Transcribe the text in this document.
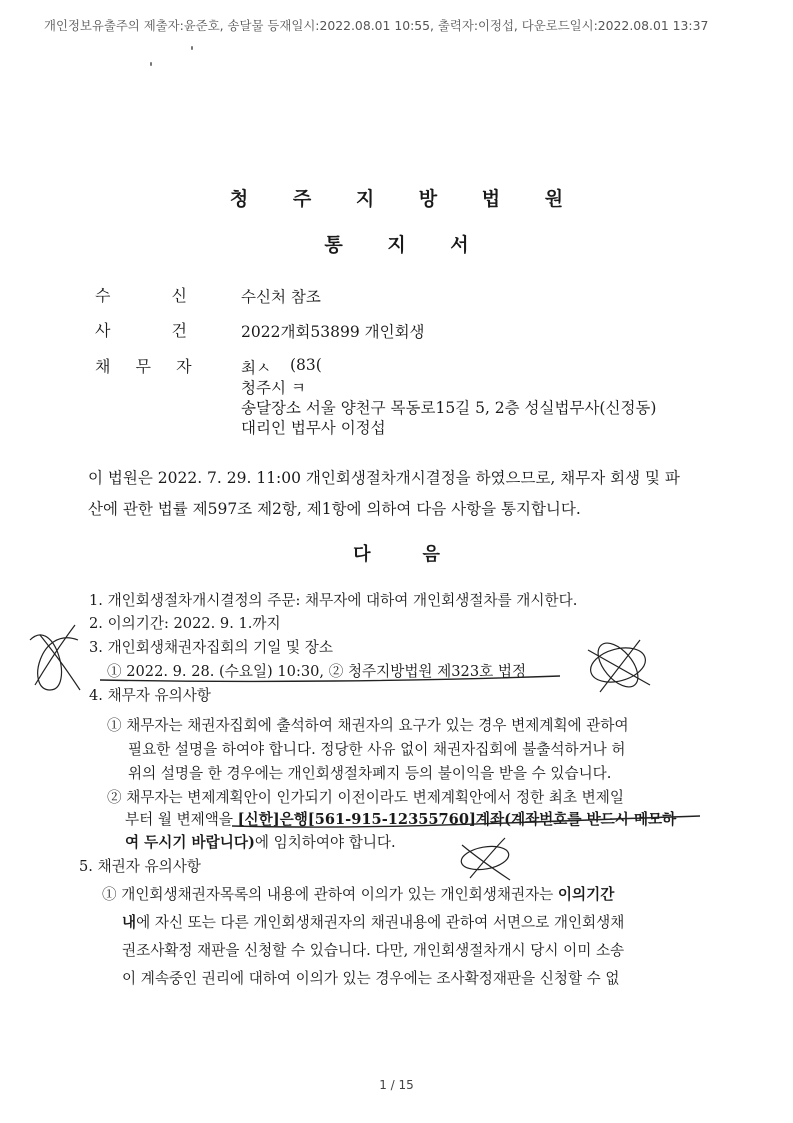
개인정보유출주의 제출자:윤준호, 송달물 등재일시:2022.08.01 10:55, 출력자:이정섭, 다운로드일시:2022.08.01 13:37
청 주 지 방 법 원
통 지 서
수 신	수신처 참조
사 건	2022개회53899 개인회생
채 무 자	최ㅅ (83(
청주시 ㅋ
송달장소 서울 양천구 목동로15길 5, 2층 성실법무사(신정동)
대리인 법무사 이정섭
이 법원은 2022. 7. 29. 11:00 개인회생절차개시결정을 하였으므로, 채무자 회생 및 파
산에 관한 법률 제597조 제2항, 제1항에 의하여 다음 사항을 통지합니다.
다	음
1. 개인회생절차개시결정의 주문: 채무자에 대하여 개인회생절차를 개시한다.
2. 이의기간: 2022. 9. 1.까지
3. 개인회생채권자집회의 기일 및 장소
① 2022. 9. 28. (수요일) 10:30, ② 청주지방법원 제323호 법정
4. 채무자 유의사항
① 채무자는 채권자집회에 출석하여 채권자의 요구가 있는 경우 변제계획에 관하여
필요한 설명을 하여야 합니다. 정당한 사유 없이 채권자집회에 불출석하거나 허
위의 설명을 한 경우에는 개인회생절차폐지 등의 불이익을 받을 수 있습니다.
② 채무자는 변제계획안이 인가되기 이전이라도 변제계획안에서 정한 최초 변제일
부터 월 변제액을 [신한]은행[561-915-12355760]계좌(계좌번호를 반드시 메모하
여 두시기 바랍니다)에 임치하여야 합니다.
5. 채권자 유의사항
① 개인회생채권자목록의 내용에 관하여 이의가 있는 개인회생채권자는 이의기간
내에 자신 또는 다른 개인회생채권자의 채권내용에 관하여 서면으로 개인회생채
권조사확정 재판을 신청할 수 있습니다. 다만, 개인회생절차개시 당시 이미 소송
이 계속중인 권리에 대하여 이의가 있는 경우에는 조사확정재판을 신청할 수 없
1 / 15
